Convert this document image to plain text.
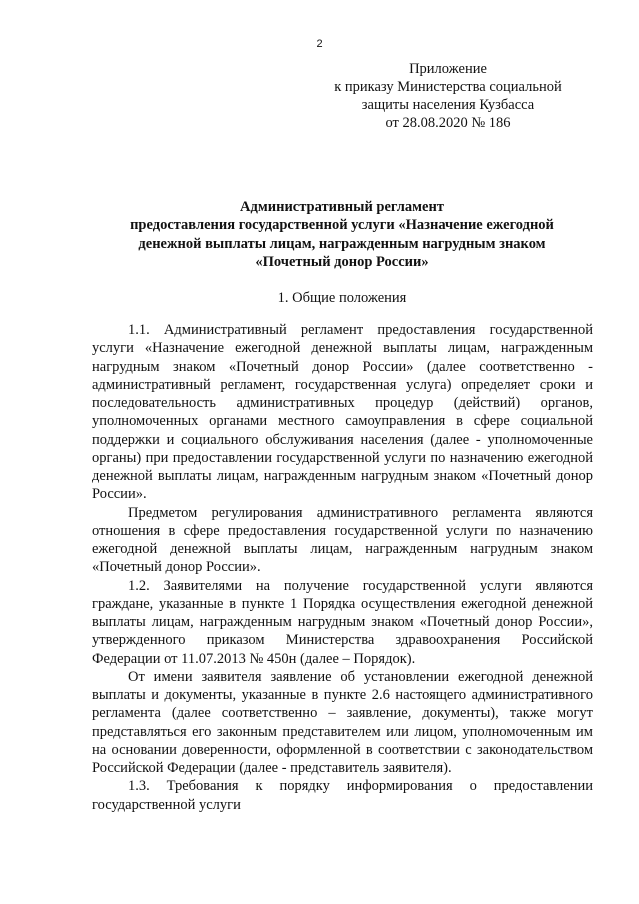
2
Приложение
к приказу Министерства социальной
защиты населения Кузбасса
от 28.08.2020 № 186
Административный регламент
предоставления государственной услуги «Назначение ежегодной
денежной выплаты лицам, награжденным нагрудным знаком
«Почетный донор России»
1. Общие положения

1.1. Административный регламент предоставления государственной услуги «Назначение ежегодной денежной выплаты лицам, награжденным нагрудным знаком «Почетный донор России» (далее соответственно - административный регламент, государственная услуга) определяет сроки и последовательность административных процедур (действий) органов, уполномоченных органами местного самоуправления в сфере социальной поддержки и социального обслуживания населения (далее - уполномоченные органы) при предоставлении государственной услуги по назначению ежегодной денежной выплаты лицам, награжденным нагрудным знаком «Почетный донор России».

Предметом регулирования административного регламента являются отношения в сфере предоставления государственной услуги по назначению ежегодной денежной выплаты лицам, награжденным нагрудным знаком «Почетный донор России».

1.2. Заявителями на получение государственной услуги являются граждане, указанные в пункте 1 Порядка осуществления ежегодной денежной выплаты лицам, награжденным нагрудным знаком «Почетный донор России», утвержденного приказом Министерства здравоохранения Российской Федерации от 11.07.2013 № 450н (далее – Порядок).

От имени заявителя заявление об установлении ежегодной денежной выплаты и документы, указанные в пункте 2.6 настоящего административного регламента (далее соответственно – заявление, документы), также могут представляться его законным представителем или лицом, уполномоченным им на основании доверенности, оформленной в соответствии с законодательством Российской Федерации (далее - представитель заявителя).

1.3. Требования к порядку информирования о предоставлении государственной услуги
